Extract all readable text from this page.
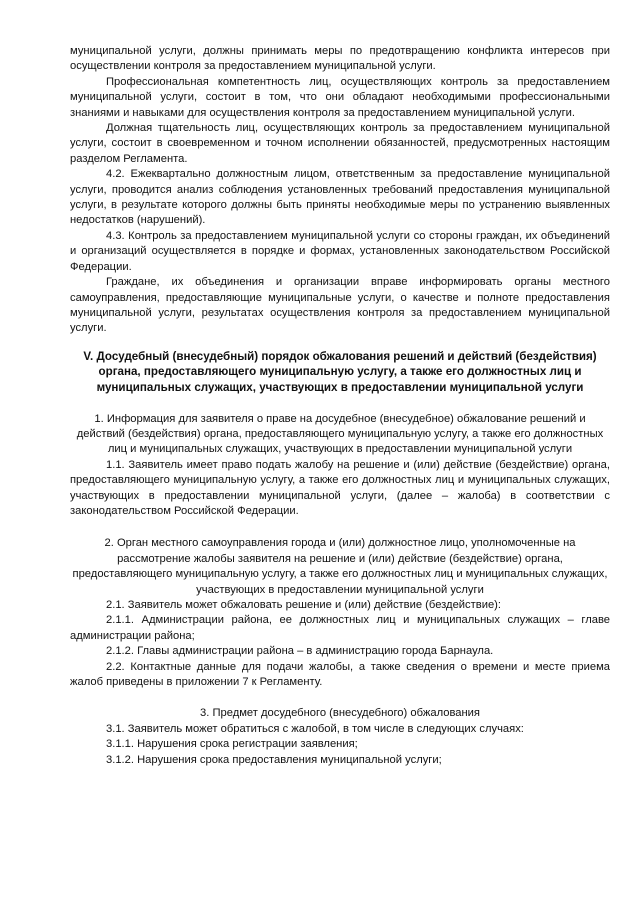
муниципальной услуги, должны принимать меры по предотвращению конфликта интересов при осуществлении контроля за предоставлением муниципальной услуги.

Профессиональная компетентность лиц, осуществляющих контроль за предоставлением муниципальной услуги, состоит в том, что они обладают необходимыми профессиональными знаниями и навыками для осуществления контроля за предоставлением муниципальной услуги.

Должная тщательность лиц, осуществляющих контроль за предоставлением муниципальной услуги, состоит в своевременном и точном исполнении обязанностей, предусмотренных настоящим разделом Регламента.

4.2. Ежеквартально должностным лицом, ответственным за предоставление муниципальной услуги, проводится анализ соблюдения установленных требований предоставления муниципальной услуги, в результате которого должны быть приняты необходимые меры по устранению выявленных недостатков (нарушений).

4.3. Контроль за предоставлением муниципальной услуги со стороны граждан, их объединений и организаций осуществляется в порядке и формах, установленных законодательством Российской Федерации.

Граждане, их объединения и организации вправе информировать органы местного самоуправления, предоставляющие муниципальные услуги, о качестве и полноте предоставления муниципальной услуги, результатах осуществления контроля за предоставлением муниципальной услуги.

V. Досудебный (внесудебный) порядок обжалования решений и действий (бездействия) органа, предоставляющего муниципальную услугу, а также его должностных лиц и муниципальных служащих, участвующих в предоставлении муниципальной услуги

1. Информация для заявителя о праве на досудебное (внесудебное) обжалование решений и действий (бездействия) органа, предоставляющего муниципальную услугу, а также его должностных лиц и муниципальных служащих, участвующих в предоставлении муниципальной услуги

1.1. Заявитель имеет право подать жалобу на решение и (или) действие (бездействие) органа, предоставляющего муниципальную услугу, а также его должностных лиц и муниципальных служащих, участвующих в предоставлении муниципальной услуги, (далее – жалоба) в соответствии с законодательством Российской Федерации.

2. Орган местного самоуправления города и (или) должностное лицо, уполномоченные на рассмотрение жалобы заявителя на решение и (или) действие (бездействие) органа, предоставляющего муниципальную услугу, а также его должностных лиц и муниципальных служащих, участвующих в предоставлении муниципальной услуги

2.1. Заявитель может обжаловать решение и (или) действие (бездействие):

2.1.1. Администрации района, ее должностных лиц и муниципальных служащих – главе администрации района;

2.1.2. Главы администрации района – в администрацию города Барнаула.

2.2. Контактные данные для подачи жалобы, а также сведения о времени и месте приема жалоб приведены в приложении 7 к Регламенту.

3. Предмет досудебного (внесудебного) обжалования

3.1. Заявитель может обратиться с жалобой, в том числе в следующих случаях:

3.1.1. Нарушения срока регистрации заявления;

3.1.2. Нарушения срока предоставления муниципальной услуги;
